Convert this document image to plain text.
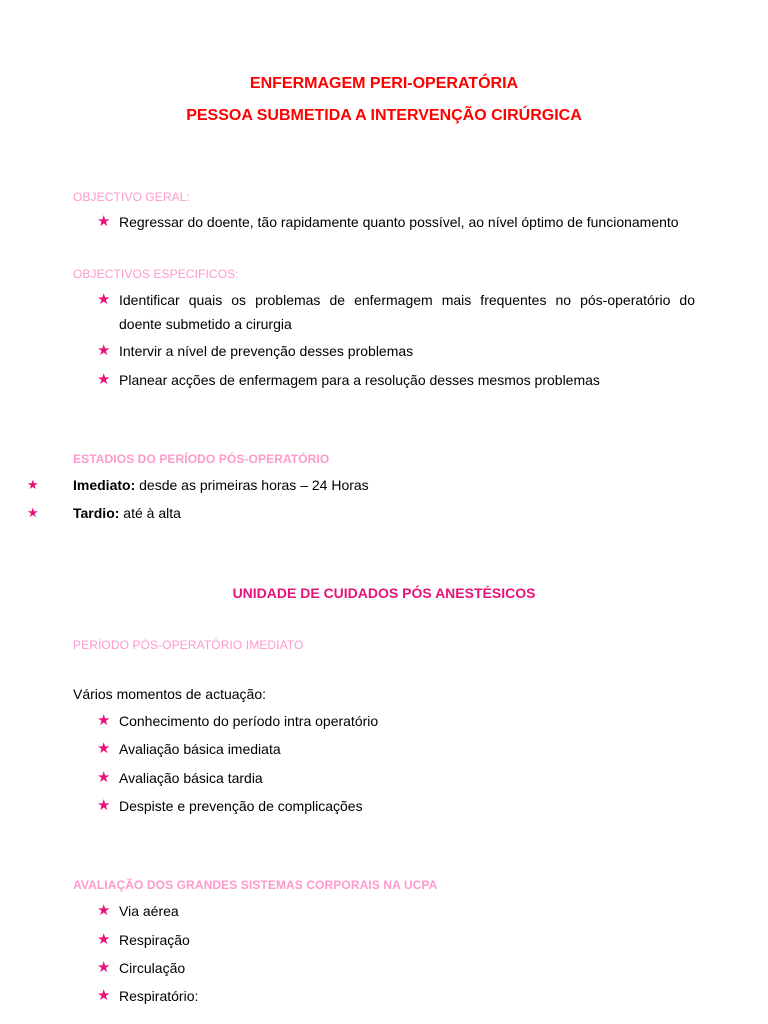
ENFERMAGEM PERI-OPERATÓRIA
PESSOA SUBMETIDA A INTERVENÇÃO CIRÚRGICA
OBJECTIVO GERAL:
★ Regressar do doente, tão rapidamente quanto possível, ao nível óptimo de funcionamento
OBJECTIVOS ESPECIFICOS:
★ Identificar quais os problemas de enfermagem mais frequentes no pós-operatório do
doente submetido a cirurgia
★ Intervir a nível de prevenção desses problemas
★ Planear acções de enfermagem para a resolução desses mesmos problemas
ESTADIOS DO PERÍODO PÓS-OPERATÓRIO
★ Imediato: desde as primeiras horas – 24 Horas
★ Tardio: até à alta
UNIDADE DE CUIDADOS PÓS ANESTÉSICOS
PERÍODO PÓS-OPERATÓRIO IMEDIATO
Vários momentos de actuação:
★ Conhecimento do período intra operatório
★ Avaliação básica imediata
★ Avaliação básica tardia
★ Despiste e prevenção de complicações
AVALIAÇÃO DOS GRANDES SISTEMAS CORPORAIS NA UCPA
★ Via aérea
★ Respiração
★ Circulação
★ Respiratório:
